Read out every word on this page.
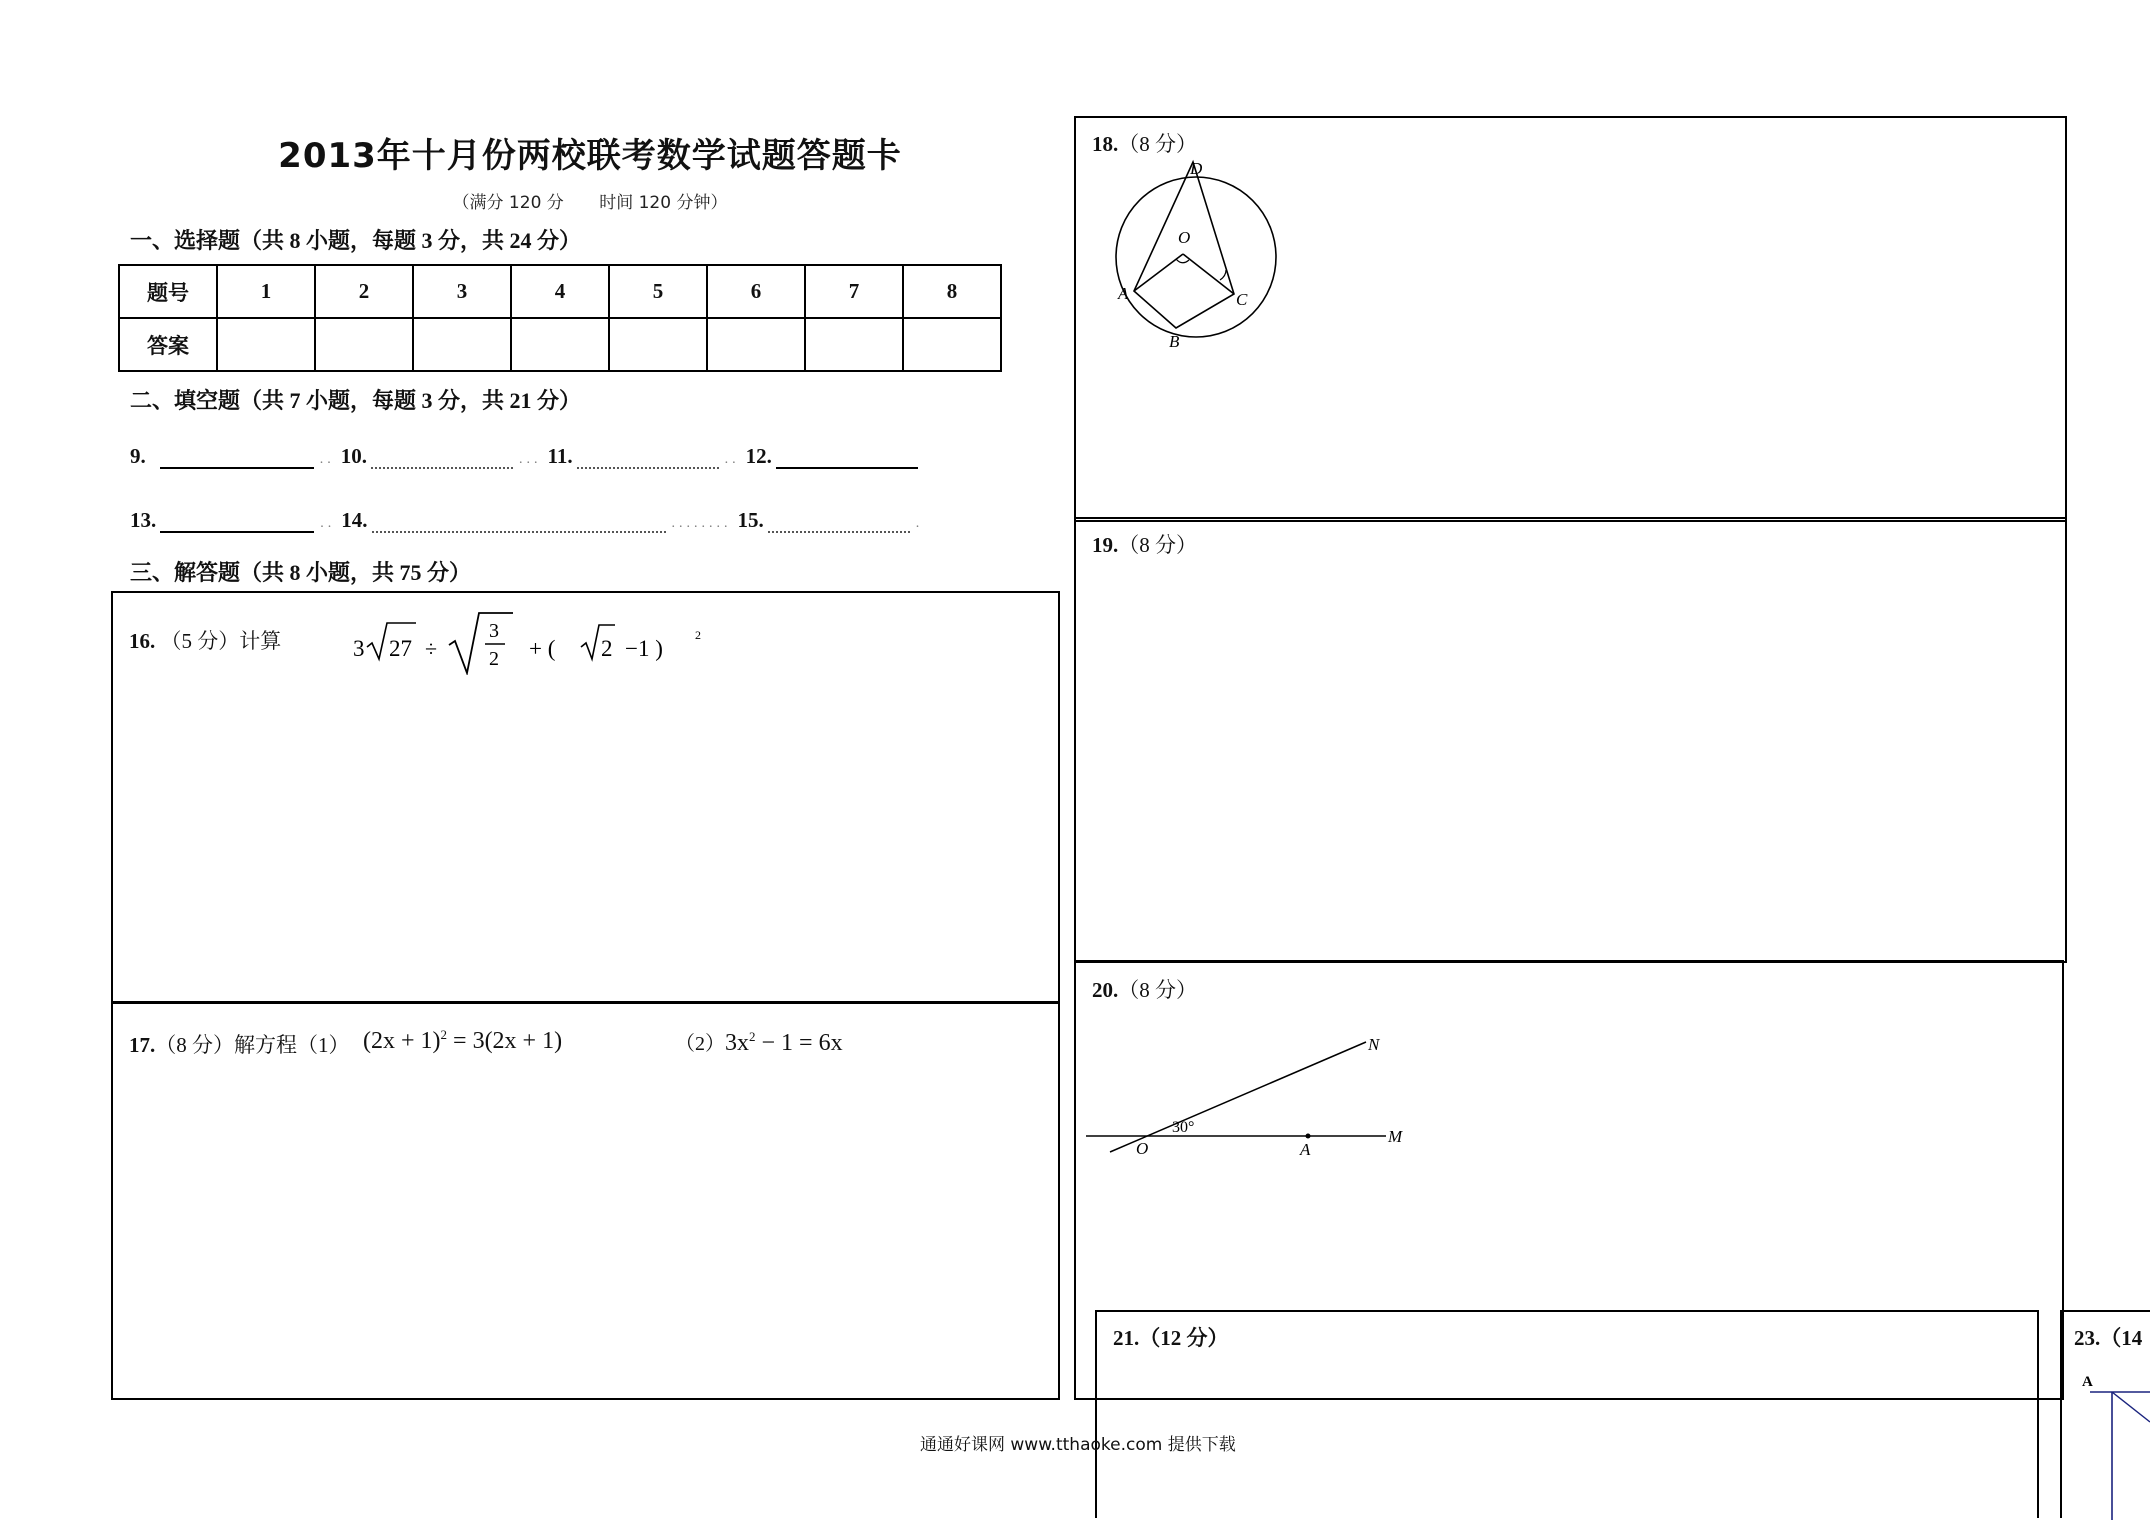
2013年十月份两校联考数学试题答题卡
（满分 120 分 时间 120 分钟）
一、选择题（共 8 小题，每题 3 分，共 24 分）
题号	1	2	3	4	5	6	7	8
答案								
二、填空题（共 7 小题，每题 3 分，共 21 分）
9.	.. 10.	... 11.	.. 12.
13.	.. 14.	........ 15.	.
三、解答题（共 8 小题，共 75 分）
16. （5 分）计算	3 27 ÷
3
2 + ( 2 −1 )
2
17.（8 分）解方程（1） $(2x + 1)^2 = 3(2x + 1)$	$(2)3x^2 - 1 = 6x$
18.（8 分）
D
O
A	C
B
19.（8 分）
20.（8 分）
N
O	A
M
30°
21.（12 分）	23.（14
A
通通好课网 www.tthaoke.com 提供下载
